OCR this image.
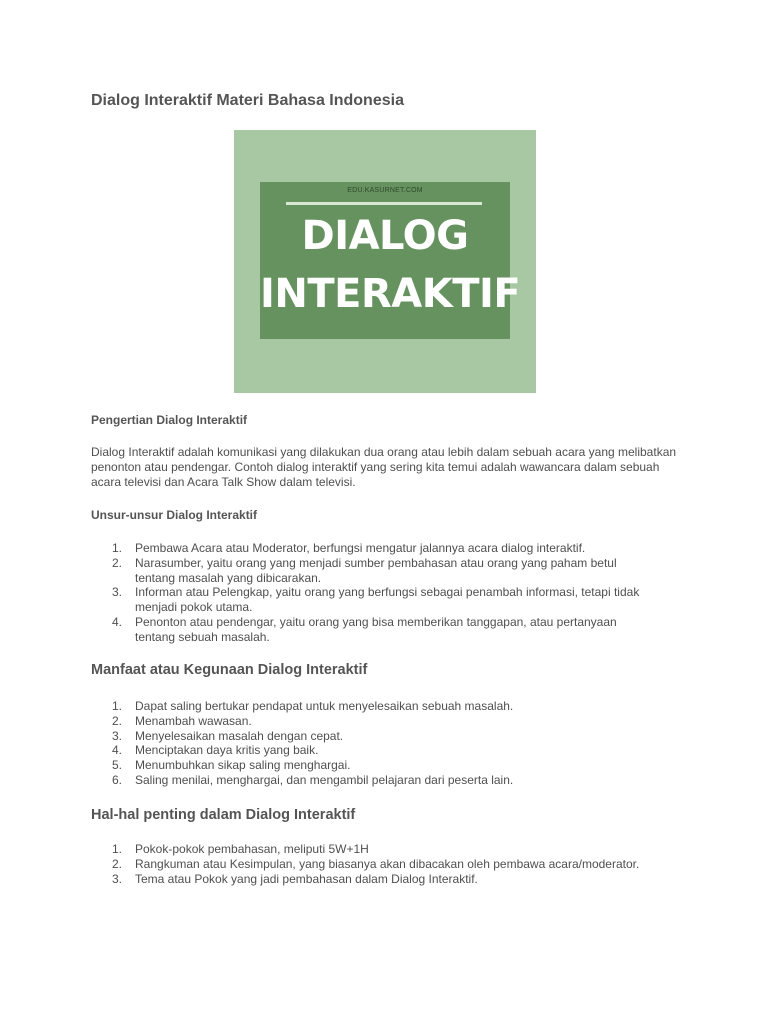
Dialog Interaktif Materi Bahasa Indonesia
EDU.KASURNET.COM
DIALOG
INTERAKTIF
Pengertian Dialog Interaktif

Dialog Interaktif adalah komunikasi yang dilakukan dua orang atau lebih dalam sebuah acara yang melibatkan penonton atau pendengar. Contoh dialog interaktif yang sering kita temui adalah wawancara dalam sebuah acara televisi dan Acara Talk Show dalam televisi.

Unsur-unsur Dialog Interaktif
1. Pembawa Acara atau Moderator, berfungsi mengatur jalannya acara dialog interaktif.
2. Narasumber, yaitu orang yang menjadi sumber pembahasan atau orang yang paham betul tentang masalah yang dibicarakan.
3. Informan atau Pelengkap, yaitu orang yang berfungsi sebagai penambah informasi, tetapi tidak menjadi pokok utama.
4. Penonton atau pendengar, yaitu orang yang bisa memberikan tanggapan, atau pertanyaan tentang sebuah masalah.
Manfaat atau Kegunaan Dialog Interaktif
1. Dapat saling bertukar pendapat untuk menyelesaikan sebuah masalah.
2. Menambah wawasan.
3. Menyelesaikan masalah dengan cepat.
4. Menciptakan daya kritis yang baik.
5. Menumbuhkan sikap saling menghargai.
6. Saling menilai, menghargai, dan mengambil pelajaran dari peserta lain.
Hal-hal penting dalam Dialog Interaktif
1. Pokok-pokok pembahasan, meliputi 5W+1H
2. Rangkuman atau Kesimpulan, yang biasanya akan dibacakan oleh pembawa acara/moderator.
3. Tema atau Pokok yang jadi pembahasan dalam Dialog Interaktif.
